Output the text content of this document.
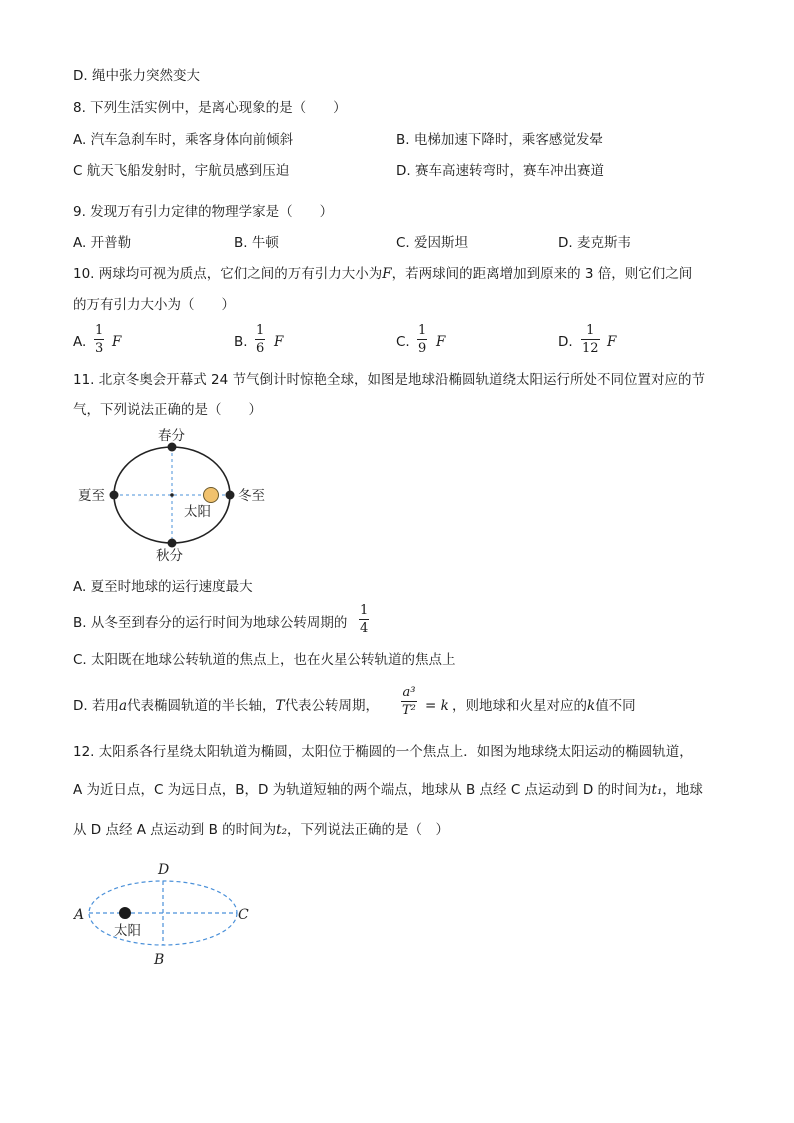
D. 绳中张力突然变大
8. 下列生活实例中，是离心现象的是（　　）
A. 汽车急刹车时，乘客身体向前倾斜	B. 电梯加速下降时，乘客感觉发晕
C 航天飞船发射时，宇航员感到压迫	D. 赛车高速转弯时，赛车冲出赛道
9. 发现万有引力定律的物理学家是（　　）
A. 开普勒	B. 牛顿	C. 爱因斯坦	D. 麦克斯韦
10. 两球均可视为质点，它们之间的万有引力大小为F，若两球间的距离增加到原来的 3 倍，则它们之间
的万有引力大小为（　　）
A.
1
3 F	B.
1
6 F	C.
1
9 F	D.
1
12 F
11. 北京冬奥会开幕式 24 节气倒计时惊艳全球，如图是地球沿椭圆轨道绕太阳运行所处不同位置对应的节
气，下列说法正确的是（　　）
春分
秋分
夏至	冬至
太阳
A. 夏至时地球的运行速度最大
B. 从冬至到春分的运行时间为地球公转周期的
1
4
C. 太阳既在地球公转轨道的焦点上，也在火星公转轨道的焦点上
D. 若用a代表椭圆轨道的半长轴，T代表公转周期，
a³
T² = k ，则地球和火星对应的k值不同
12. 太阳系各行星绕太阳轨道为椭圆，太阳位于椭圆的一个焦点上．如图为地球绕太阳运动的椭圆轨道，
A 为近日点，C 为远日点，B，D 为轨道短轴的两个端点，地球从 B 点经 C 点运动到 D 的时间为t₁，地球
从 D 点经 A 点运动到 B 的时间为t₂，下列说法正确的是（　）
A	C
D
B
太阳
